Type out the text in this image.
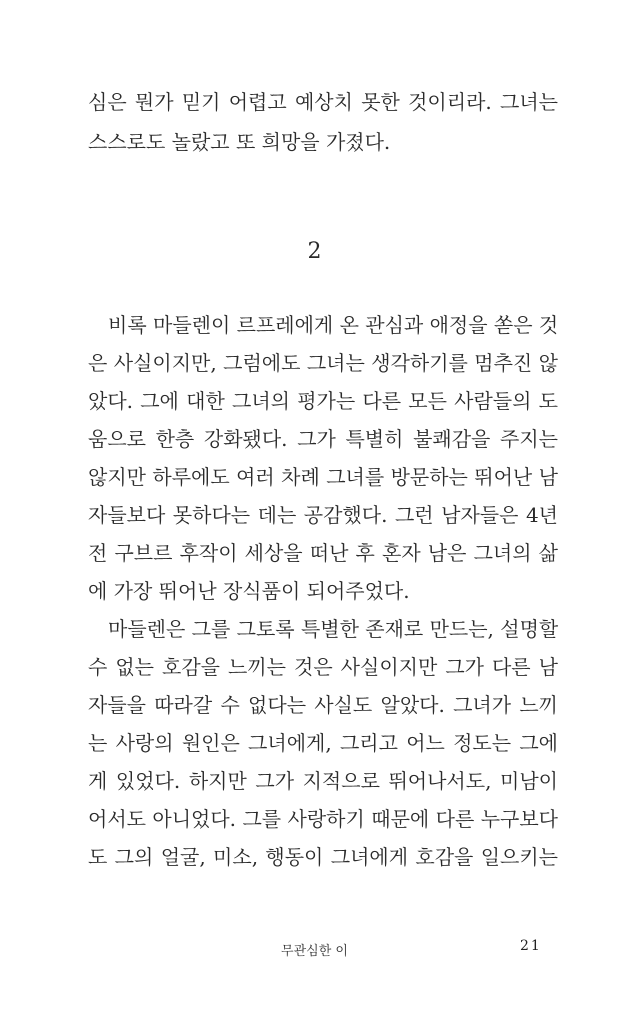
심은 뭔가 믿기 어렵고 예상치 못한 것이리라. 그녀는
스스로도 놀랐고 또 희망을 가졌다.
2
비록 마들렌이 르프레에게 온 관심과 애정을 쏟은 것
은 사실이지만, 그럼에도 그녀는 생각하기를 멈추진 않
았다. 그에 대한 그녀의 평가는 다른 모든 사람들의 도
움으로 한층 강화됐다. 그가 특별히 불쾌감을 주지는
않지만 하루에도 여러 차례 그녀를 방문하는 뛰어난 남
자들보다 못하다는 데는 공감했다. 그런 남자들은 4년
전 구브르 후작이 세상을 떠난 후 혼자 남은 그녀의 삶
에 가장 뛰어난 장식품이 되어주었다.
마들렌은 그를 그토록 특별한 존재로 만드는, 설명할
수 없는 호감을 느끼는 것은 사실이지만 그가 다른 남
자들을 따라갈 수 없다는 사실도 알았다. 그녀가 느끼
는 사랑의 원인은 그녀에게, 그리고 어느 정도는 그에
게 있었다. 하지만 그가 지적으로 뛰어나서도, 미남이
어서도 아니었다. 그를 사랑하기 때문에 다른 누구보다
도 그의 얼굴, 미소, 행동이 그녀에게 호감을 일으키는
무관심한 이	21
